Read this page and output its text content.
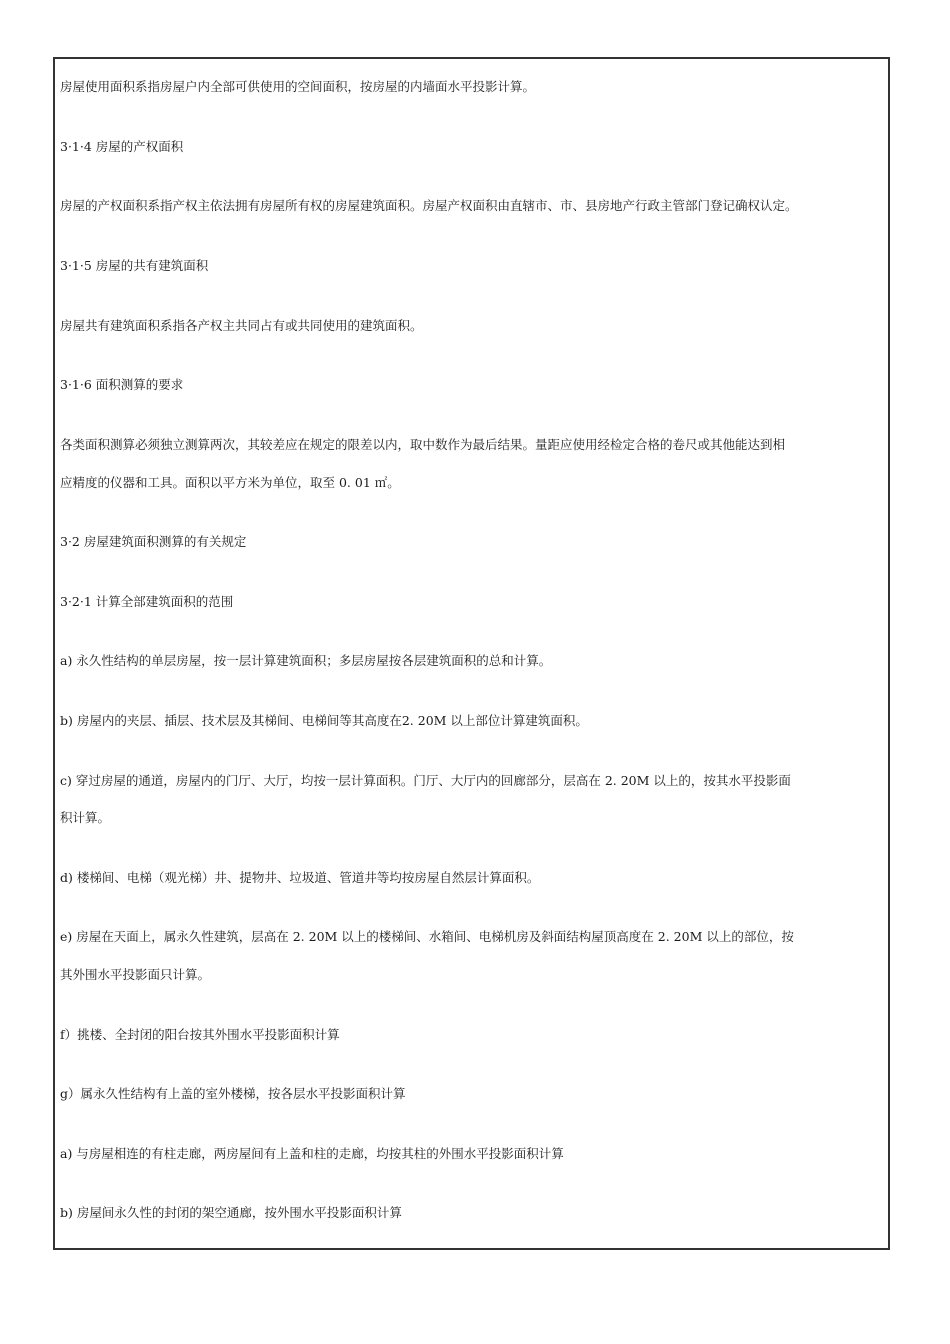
房屋使用面积系指房屋户内全部可供使用的空间面积，按房屋的内墙面水平投影计算。
3·1·4 房屋的产权面积
房屋的产权面积系指产权主依法拥有房屋所有权的房屋建筑面积。房屋产权面积由直辖市、市、县房地产行政主管部门登记确权认定。
3·1·5 房屋的共有建筑面积
房屋共有建筑面积系指各产权主共同占有或共同使用的建筑面积。
3·1·6 面积测算的要求
各类面积测算必须独立测算两次，其较差应在规定的限差以内，取中数作为最后结果。量距应使用经检定合格的卷尺或其他能达到相
应精度的仪器和工具。面积以平方米为单位，取至 0. 01 ㎡。
3·2 房屋建筑面积测算的有关规定
3·2·1 计算全部建筑面积的范围
a) 永久性结构的单层房屋，按一层计算建筑面积；多层房屋按各层建筑面积的总和计算。
b) 房屋内的夹层、插层、技术层及其梯间、电梯间等其高度在2. 20M 以上部位计算建筑面积。
c) 穿过房屋的通道，房屋内的门厅、大厅，均按一层计算面积。门厅、大厅内的回廊部分，层高在 2. 20M 以上的，按其水平投影面
积计算。
d) 楼梯间、电梯（观光梯）井、提物井、垃圾道、管道井等均按房屋自然层计算面积。
e) 房屋在天面上，属永久性建筑，层高在 2. 20M 以上的楼梯间、水箱间、电梯机房及斜面结构屋顶高度在 2. 20M 以上的部位，按
其外围水平投影面只计算。
f）挑楼、全封闭的阳台按其外围水平投影面积计算
g）属永久性结构有上盖的室外楼梯，按各层水平投影面积计算
a) 与房屋相连的有柱走廊，两房屋间有上盖和柱的走廊，均按其柱的外围水平投影面积计算
b) 房屋间永久性的封闭的架空通廊，按外围水平投影面积计算
